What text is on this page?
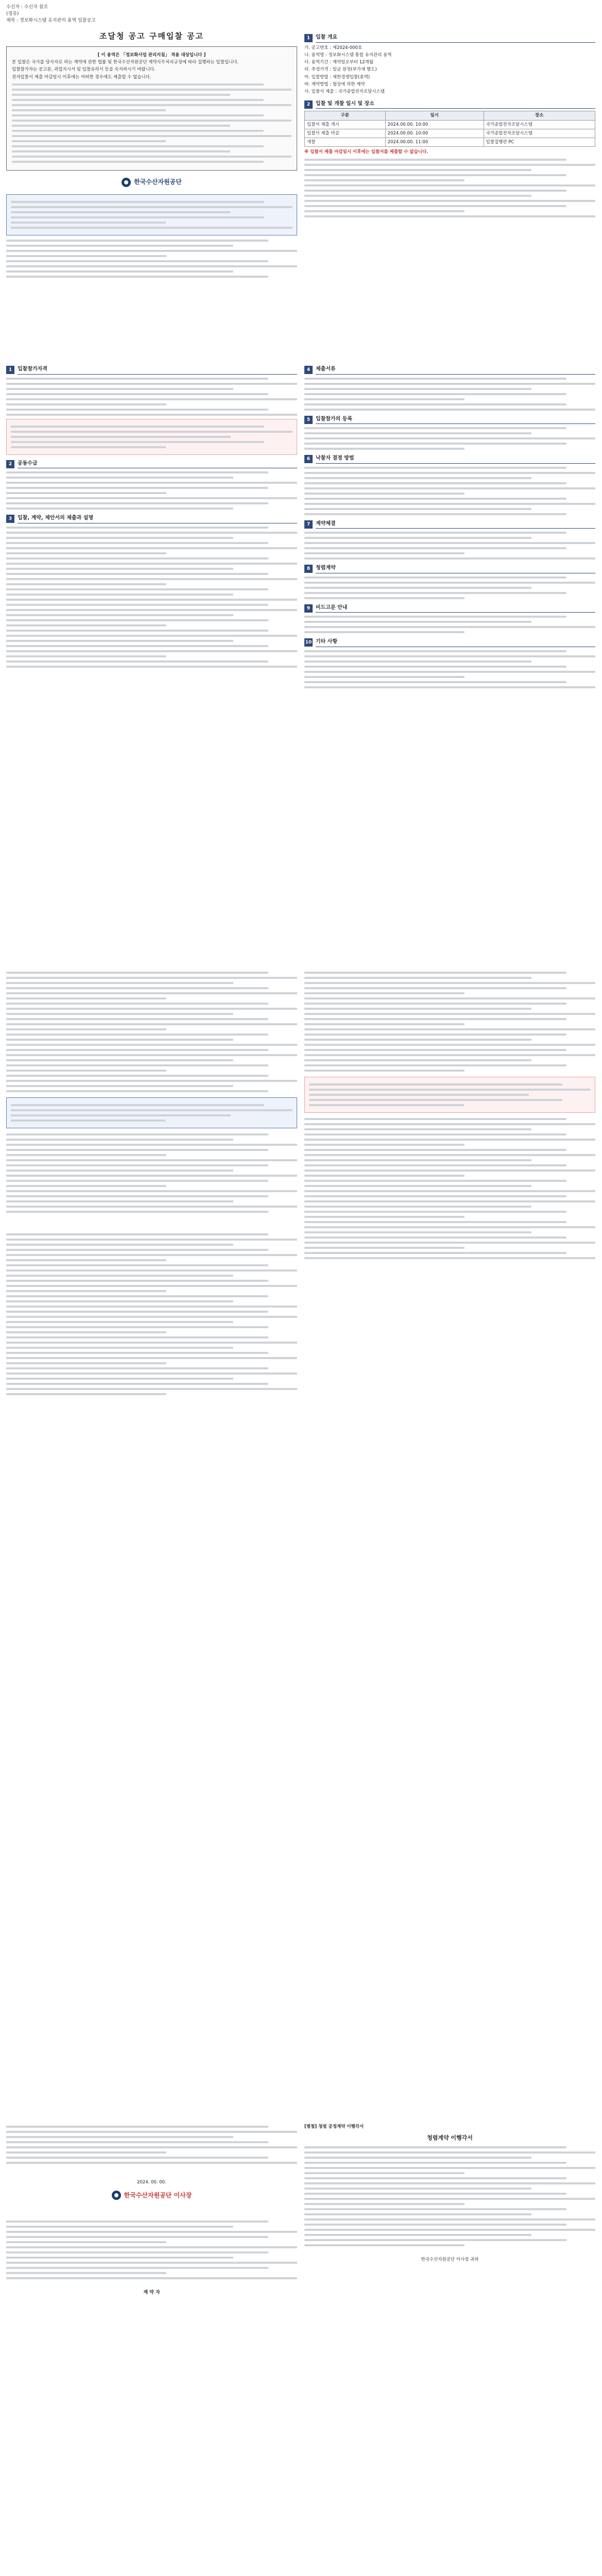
수신자 : 수신자 참조
(경유)
제목 : 정보화시스템 유지관리 용역 입찰공고
조달청 공고 구매입찰 공고
[ 이 용역은 「정보화사업 관리지침」 적용 대상입니다 ]
본 입찰은 국가를 당사자로 하는 계약에 관한 법률 및 한국수산자원공단 계약사무처리규정에 따라 집행하는 입찰입니다.
입찰참가자는 공고문, 과업지시서 및 입찰유의서 등을 숙지하시기 바랍니다.
전자입찰서 제출 마감일시 이후에는 어떠한 경우에도 제출할 수 없습니다.
한국수산자원공단
1	입찰 개요
가. 공고번호 : 제2024-000호
나. 용역명 : 정보화시스템 통합 유지관리 용역
다. 용역기간 : 계약일로부터 12개월
라. 추정가격 : 일금 원정(부가세 별도)
마. 입찰방법 : 제한경쟁입찰(총액)
바. 계약방법 : 협상에 의한 계약
사. 입찰서 제출 : 국가종합전자조달시스템
2	입찰 및 개찰 일시 및 장소
구분	일시	장소
입찰서 제출 개시	2024.00.00. 10:00	국가종합전자조달시스템
입찰서 제출 마감	2024.00.00. 10:00	국가종합전자조달시스템
개찰	2024.00.00. 11:00	입찰집행관 PC
※ 입찰서 제출 마감일시 이후에는 입찰서를 제출할 수 없습니다.
1	입찰참가자격
2	공동수급
3	입찰, 계약, 제안서의 제출과 설명
4	제출서류
5	입찰참가의 등록
6	낙찰자 결정 방법
7	계약체결
8	청렴계약
9	비드고문 안내
10 기타 사항
2024. 00. 00.
한국수산자원공단 이사장
계 약 자
[별첨] 청렴 공정계약 이행각서
청렴계약 이행각서
한국수산자원공단 이사장 귀하
